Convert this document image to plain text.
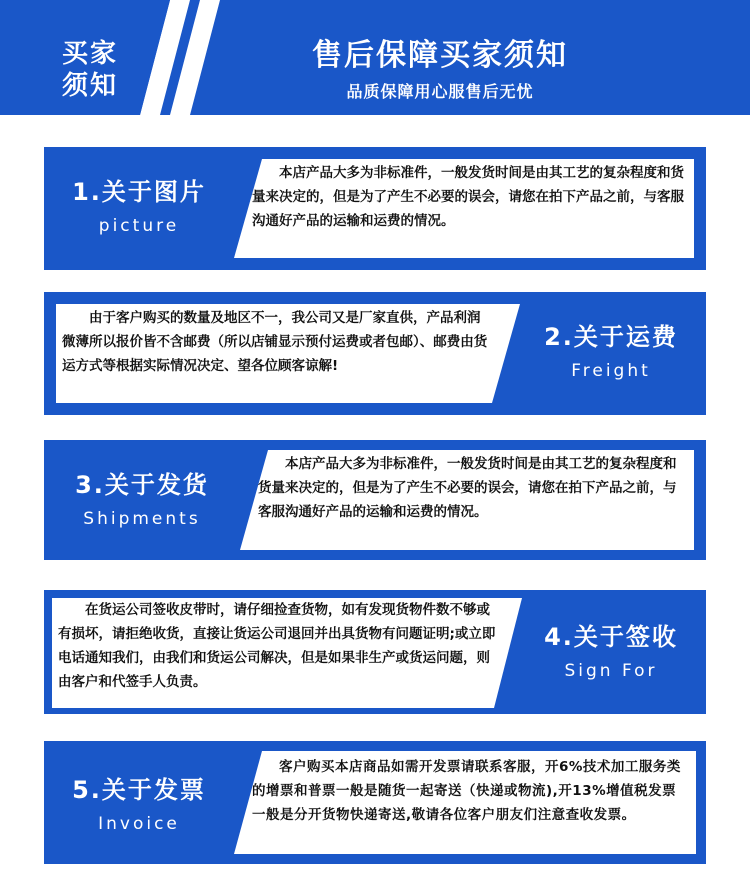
买家
须知
售后保障买家须知
品质保障用心服售后无忧
1.关于图片
picture
本店产品大多为非标准件，一般发货时间是由其工艺的复杂程度和货量来决定的，但是为了产生不必要的误会，请您在拍下产品之前，与客服沟通好产品的运输和运费的情况。
由于客户购买的数量及地区不一，我公司又是厂家直供，产品利润微薄所以报价皆不含邮费（所以店铺显示预付运费或者包邮）、邮费由货运方式等根据实际情况决定、望各位顾客谅解!
2.关于运费
Freight
3.关于发货
Shipments
本店产品大多为非标准件，一般发货时间是由其工艺的复杂程度和货量来决定的，但是为了产生不必要的误会，请您在拍下产品之前，与客服沟通好产品的运输和运费的情况。
在货运公司签收皮带时，请仔细捡查货物，如有发现货物件数不够或有损坏，请拒绝收货，直接让货运公司退回并出具货物有问题证明;或立即电话通知我们，由我们和货运公司解决，但是如果非生产或货运问题，则由客户和代签手人负责。
4.关于签收
Sign For
5.关于发票
Invoice
客户购买本店商品如需开发票请联系客服，开6%技术加工服务类的增票和普票一般是随货一起寄送（快递或物流),开13%增值税发票一般是分开货物快递寄送,敬请各位客户朋友们注意查收发票。
